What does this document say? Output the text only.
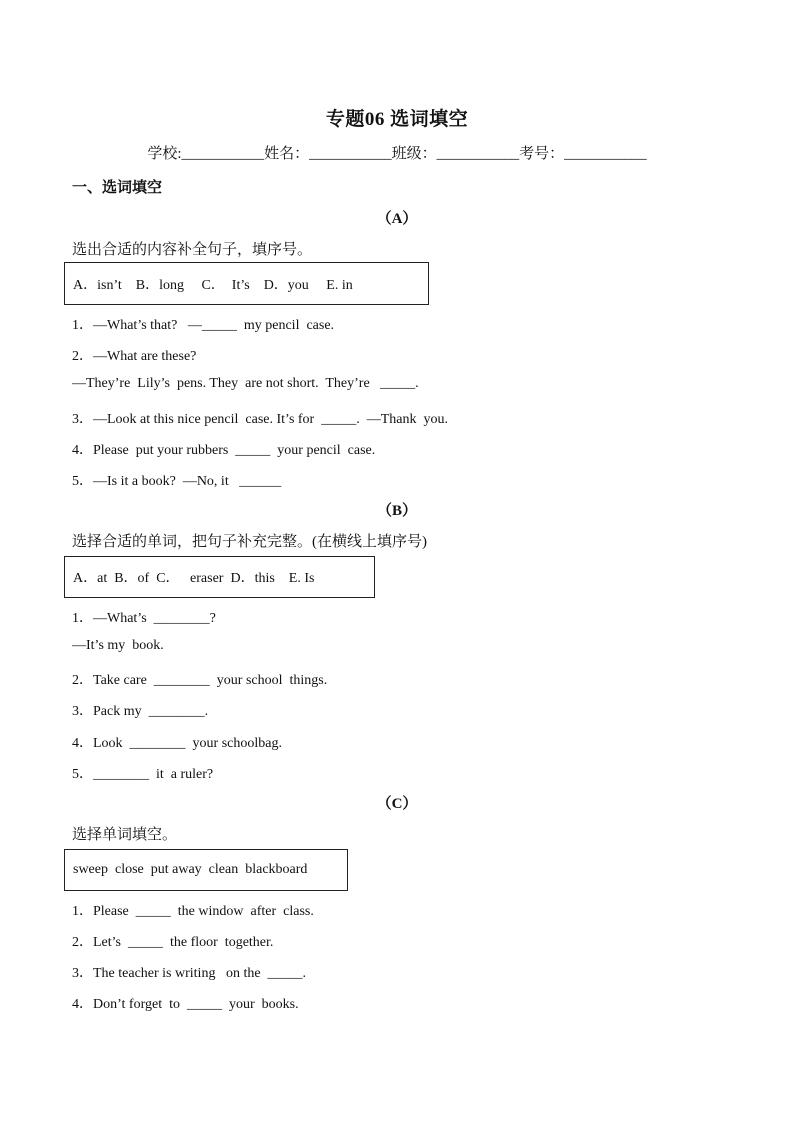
专题06 选词填空
学校:___________姓名：___________班级：___________考号：___________
一、选词填空
（A）
选出合适的内容补全句子，填序号。
A．isn’t    B．long     C．  It’s    D．you     E. in
1．—What’s that?   —_____  my pencil  case.
2．—What are these?
—They’re  Lily’s  pens. They  are not short.  They’re   _____.
3．—Look at this nice pencil  case. It’s for  _____.  —Thank  you.
4．Please  put your rubbers  _____  your pencil  case.
5．—Is it a book?  —No, it   ______
（B）
选择合适的单词，把句子补充完整。(在横线上填序号)
A．at  B．of  C．   eraser  D．this    E. Is
1．—What’s  ________?
—It’s my  book.
2．Take care  ________  your school  things.
3．Pack my  ________.
4．Look  ________  your schoolbag.
5．________  it  a ruler?
（C）
选择单词填空。
sweep  close  put away  clean  blackboard
1．Please  _____  the window  after  class.
2．Let’s  _____  the floor  together.
3．The teacher is writing   on the  _____.
4．Don’t forget  to  _____  your  books.
